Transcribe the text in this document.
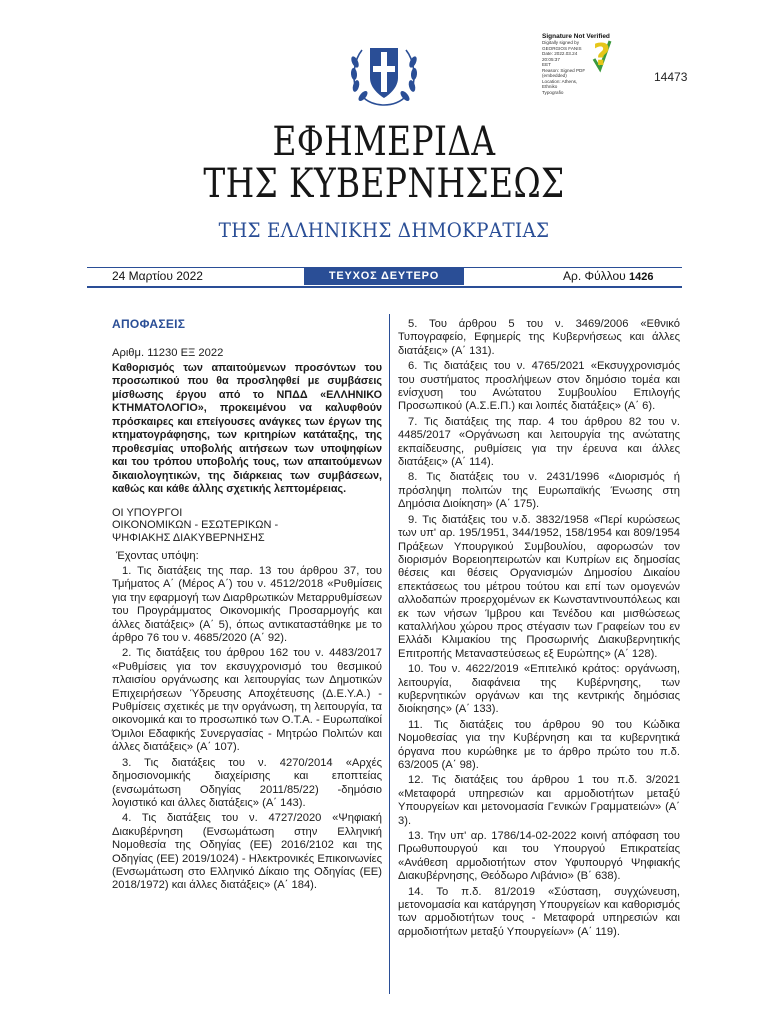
Signature Not Verified
Digitally signed by
GEORGIOS FANIS
Date: 2022.03.24 20:05:37
EET
Reason: Signed PDF
(embedded)
Location: Athens, Ethniko
Typografio
?
14473
ΕΦΗΜΕΡΙΔΑ
ΤΗΣ ΚΥΒΕΡΝΗΣΕΩΣ
ΤΗΣ ΕΛΛΗΝΙΚΗΣ ΔΗΜΟΚΡΑΤΙΑΣ
24 Μαρτίου 2022	ΤΕΥΧΟΣ ΔΕΥΤΕΡΟ	Αρ. Φύλλου 1426
ΑΠΟΦΑΣΕΙΣ
Αριθμ. 11230 ΕΞ 2022
Καθορισμός των απαιτούμενων προσόντων του προσωπικού που θα προσληφθεί με συμβάσεις μίσθωσης έργου από το ΝΠΔΔ «ΕΛΛΗΝΙΚΟ ΚΤΗΜΑΤΟΛΟΓΙΟ», προκειμένου να καλυφθούν πρόσκαιρες και επείγουσες ανάγκες των έργων της κτηματογράφησης, των κριτηρίων κατάταξης, της προθεσμίας υποβολής αιτήσεων των υποψηφίων και του τρόπου υποβολής τους, των απαιτούμενων δικαιολογητικών, της διάρκειας των συμβάσεων, καθώς και κάθε άλλης σχετικής λεπτομέρειας.
ΟΙ ΥΠΟΥΡΓΟΙ
ΟΙΚΟΝΟΜΙΚΩΝ - ΕΣΩΤΕΡΙΚΩΝ -
ΨΗΦΙΑΚΗΣ ΔΙΑΚΥΒΕΡΝΗΣΗΣ
Έχοντας υπόψη:
1. Τις διατάξεις της παρ. 13 του άρθρου 37, του Τμήματος Α΄ (Μέρος Α΄) του ν. 4512/2018 «Ρυθμίσεις για την εφαρμογή των Διαρθρωτικών Μεταρρυθμίσεων του Προγράμματος Οικονομικής Προσαρμογής και άλλες διατάξεις» (Α΄ 5), όπως αντικαταστάθηκε με το άρθρο 76 του ν. 4685/2020 (Α΄ 92).
2. Τις διατάξεις του άρθρου 162 του ν. 4483/2017 «Ρυθμίσεις για τον εκσυγχρονισμό του θεσμικού πλαισίου οργάνωσης και λειτουργίας των Δημοτικών Επιχειρήσεων Ύδρευσης Αποχέτευσης (Δ.Ε.Υ.Α.) - Ρυθμίσεις σχετικές με την οργάνωση, τη λειτουργία, τα οικονομικά και το προσωπικό των Ο.Τ.Α. - Ευρωπαϊκοί Όμιλοι Εδαφικής Συνεργασίας - Μητρώο Πολιτών και άλλες διατάξεις» (Α΄ 107).
3. Τις διατάξεις του ν. 4270/2014 «Αρχές δημοσιονομικής διαχείρισης και εποπτείας (ενσωμάτωση Οδηγίας 2011/85/22) -δημόσιο λογιστικό και άλλες διατάξεις» (Α΄ 143).
4. Τις διατάξεις του ν. 4727/2020 «Ψηφιακή Διακυβέρνηση (Ενσωμάτωση στην Ελληνική Νομοθεσία της Οδηγίας (ΕΕ) 2016/2102 και της Οδηγίας (ΕΕ) 2019/1024) - Ηλεκτρονικές Επικοινωνίες (Ενσωμάτωση στο Ελληνικό Δίκαιο της Οδηγίας (ΕΕ) 2018/1972) και άλλες διατάξεις» (Α΄ 184).
5. Του άρθρου 5 του ν. 3469/2006 «Εθνικό Τυπογραφείο, Εφημερίς της Κυβερνήσεως και άλλες διατάξεις» (Α΄ 131).
6. Τις διατάξεις του ν. 4765/2021 «Εκσυγχρονισμός του συστήματος προσλήψεων στον δημόσιο τομέα και ενίσχυση του Ανώτατου Συμβουλίου Επιλογής Προσωπικού (Α.Σ.Ε.Π.) και λοιπές διατάξεις» (Α΄ 6).
7. Τις διατάξεις της παρ. 4 του άρθρου 82 του ν. 4485/2017 «Οργάνωση και λειτουργία της ανώτατης εκπαίδευσης, ρυθμίσεις για την έρευνα και άλλες διατάξεις» (Α΄ 114).
8. Τις διατάξεις του ν. 2431/1996 «Διορισμός ή πρόσληψη πολιτών της Ευρωπαϊκής Ένωσης στη Δημόσια Διοίκηση» (Α΄ 175).
9. Τις διατάξεις του ν.δ. 3832/1958 «Περί κυρώσεως των υπ' αρ. 195/1951, 344/1952, 158/1954 και 809/1954 Πράξεων Υπουργικού Συμβουλίου, αφορωσών τον διορισμόν Βορειοηπειρωτών και Κυπρίων εις δημοσίας θέσεις και θέσεις Οργανισμών Δημοσίου Δικαίου επεκτάσεως του μέτρου τούτου και επί των ομογενών αλλοδαπών προερχομένων εκ Κωνσταντινουπόλεως και εκ των νήσων Ίμβρου και Τενέδου και μισθώσεως καταλλήλου χώρου προς στέγασιν των Γραφείων του εν Ελλάδι Κλιμακίου της Προσωρινής Διακυβερνητικής Επιτροπής Μεταναστεύσεως εξ Ευρώπης» (Α΄ 128).
10. Του ν. 4622/2019 «Επιτελικό κράτος: οργάνωση, λειτουργία, διαφάνεια της Κυβέρνησης, των κυβερνητικών οργάνων και της κεντρικής δημόσιας διοίκησης» (Α΄ 133).
11. Τις διατάξεις του άρθρου 90 του Κώδικα Νομοθεσίας για την Κυβέρνηση και τα κυβερνητικά όργανα που κυρώθηκε με το άρθρο πρώτο του π.δ. 63/2005 (Α΄ 98).
12. Τις διατάξεις του άρθρου 1 του π.δ. 3/2021 «Μεταφορά υπηρεσιών και αρμοδιοτήτων μεταξύ Υπουργείων και μετονομασία Γενικών Γραμματειών» (Α΄ 3).
13. Την υπ' αρ. 1786/14-02-2022 κοινή απόφαση του Πρωθυπουργού και του Υπουργού Επικρατείας «Ανάθεση αρμοδιοτήτων στον Υφυπουργό Ψηφιακής Διακυβέρνησης, Θεόδωρο Λιβάνιο» (Β΄ 638).
14. Το π.δ. 81/2019 «Σύσταση, συγχώνευση, μετονομασία και κατάργηση Υπουργείων και καθορισμός των αρμοδιοτήτων τους - Μεταφορά υπηρεσιών και αρμοδιοτήτων μεταξύ Υπουργείων» (Α΄ 119).
